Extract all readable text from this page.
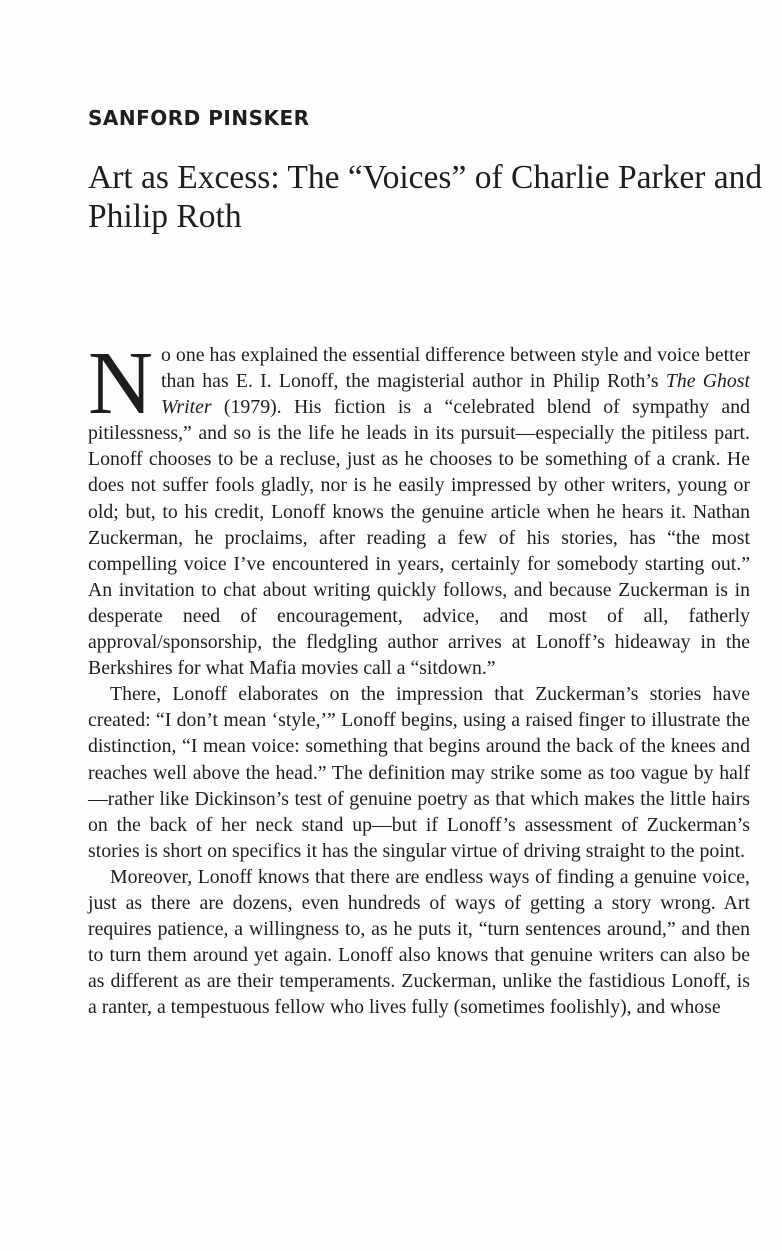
SANFORD PINSKER
Art as Excess: The “Voices” of Charlie Parker and Philip Roth

No one has explained the essential difference between style and voice better than has E. I. Lonoff, the magisterial author in Philip Roth’s The Ghost Writer (1979). His fiction is a “celebrated blend of sympathy and pitilessness,” and so is the life he leads in its pursuit—especially the pitiless part. Lonoff chooses to be a recluse, just as he chooses to be something of a crank. He does not suffer fools gladly, nor is he easily impressed by other writers, young or old; but, to his credit, Lonoff knows the genuine article when he hears it. Nathan Zuckerman, he proclaims, after reading a few of his stories, has “the most compelling voice I’ve encountered in years, certainly for somebody starting out.” An invitation to chat about writing quickly follows, and because Zuckerman is in desperate need of encouragement, advice, and most of all, fatherly approval/sponsorship, the fledgling author arrives at Lonoff’s hideaway in the Berkshires for what Mafia movies call a “sitdown.”

There, Lonoff elaborates on the impression that Zuckerman’s stories have created: “I don’t mean ‘style,’” Lonoff begins, using a raised finger to illustrate the distinction, “I mean voice: something that begins around the back of the knees and reaches well above the head.” The definition may strike some as too vague by half—rather like Dickinson’s test of genuine poetry as that which makes the little hairs on the back of her neck stand up—but if Lonoff’s assessment of Zuckerman’s stories is short on specifics it has the singular virtue of driving straight to the point.

Moreover, Lonoff knows that there are endless ways of finding a genuine voice, just as there are dozens, even hundreds of ways of getting a story wrong. Art requires patience, a willingness to, as he puts it, “turn sentences around,” and then to turn them around yet again. Lonoff also knows that genuine writers can also be as different as are their temperaments. Zuckerman, unlike the fastidious Lonoff, is a ranter, a tempestuous fellow who lives fully (sometimes foolishly), and whose
